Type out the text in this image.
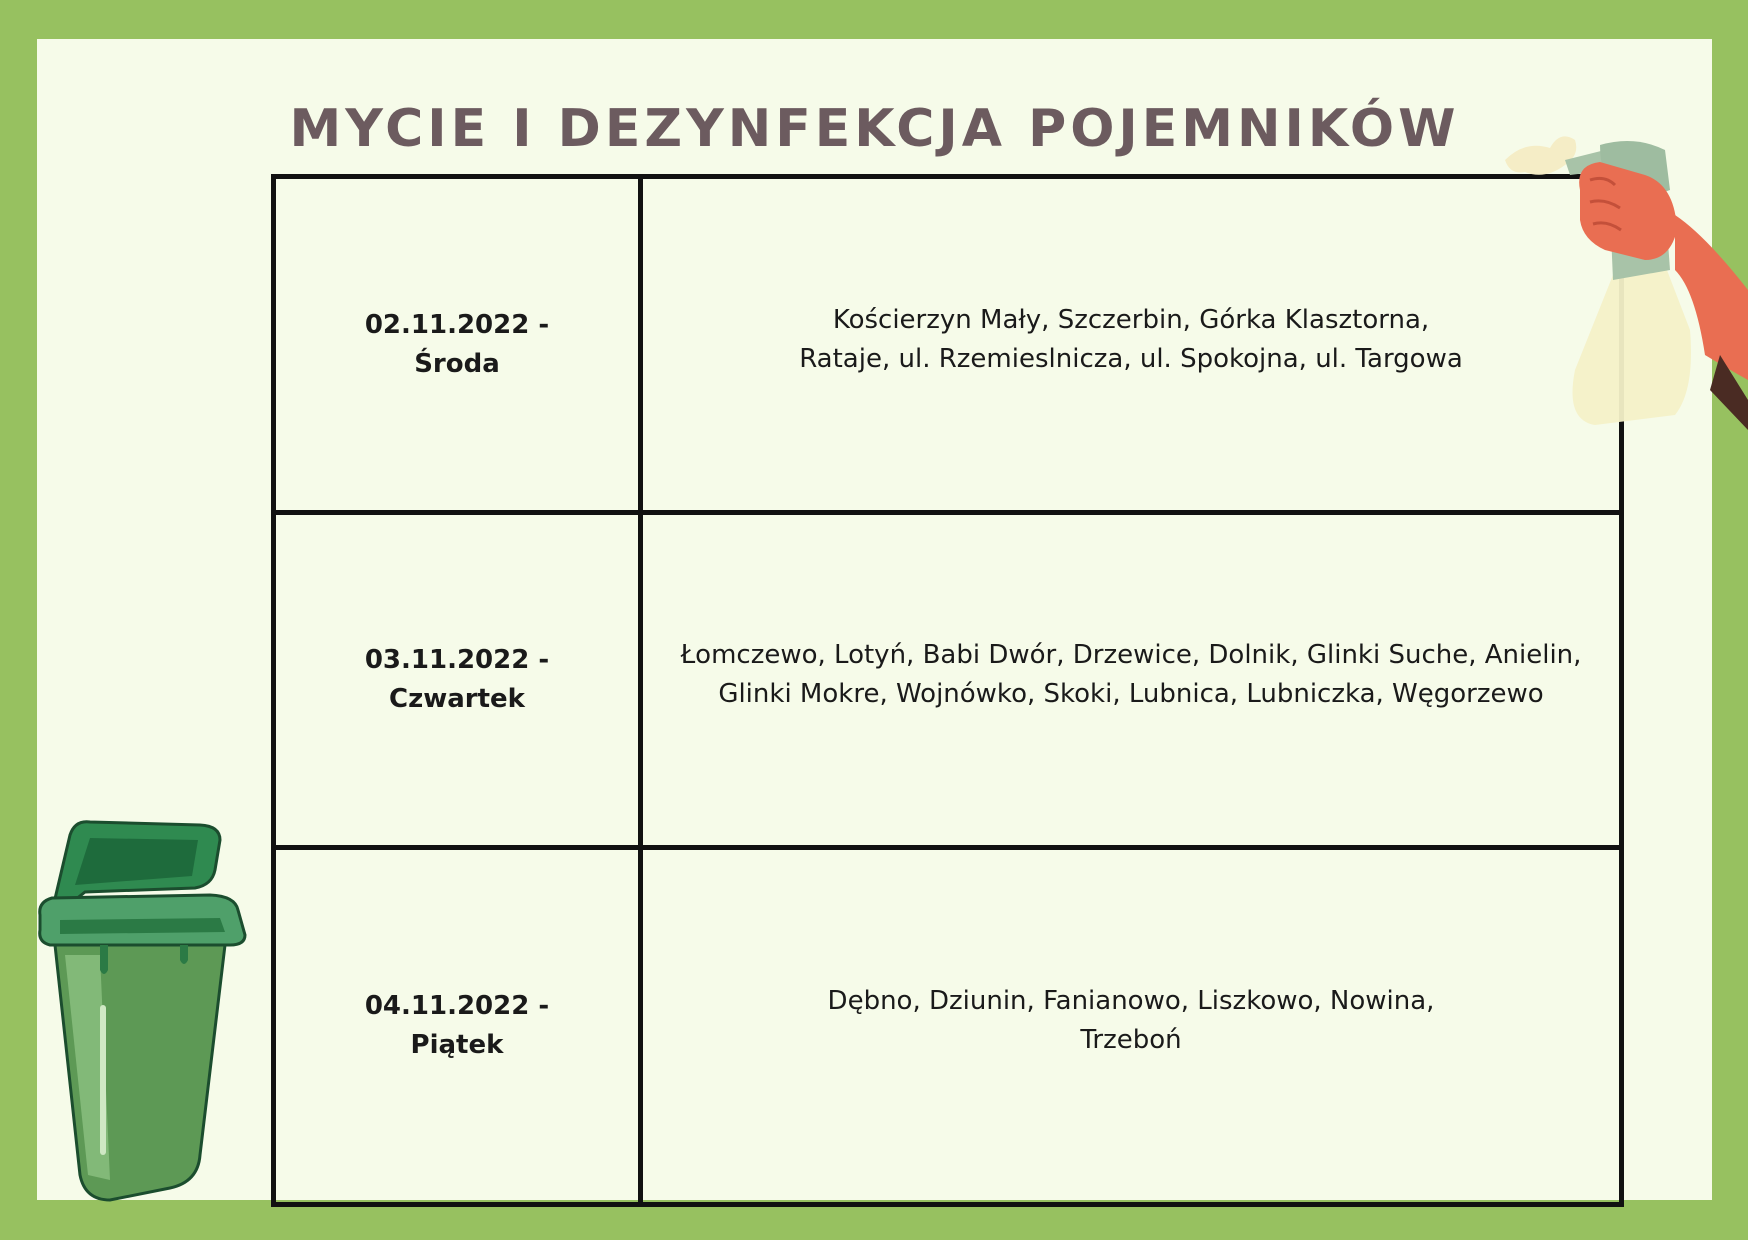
MYCIE I DEZYNFEKCJA POJEMNIKÓW
02.11.2022 -
Środa
Kościerzyn Mały, Szczerbin, Górka Klasztorna,
Rataje, ul. Rzemieslnicza, ul. Spokojna, ul. Targowa
03.11.2022 -
Czwartek
Łomczewo, Lotyń, Babi Dwór, Drzewice, Dolnik, Glinki Suche, Anielin,
Glinki Mokre, Wojnówko, Skoki, Lubnica, Lubniczka, Węgorzewo
04.11.2022 -
Piątek
Dębno, Dziunin, Fanianowo, Liszkowo, Nowina,
Trzeboń
